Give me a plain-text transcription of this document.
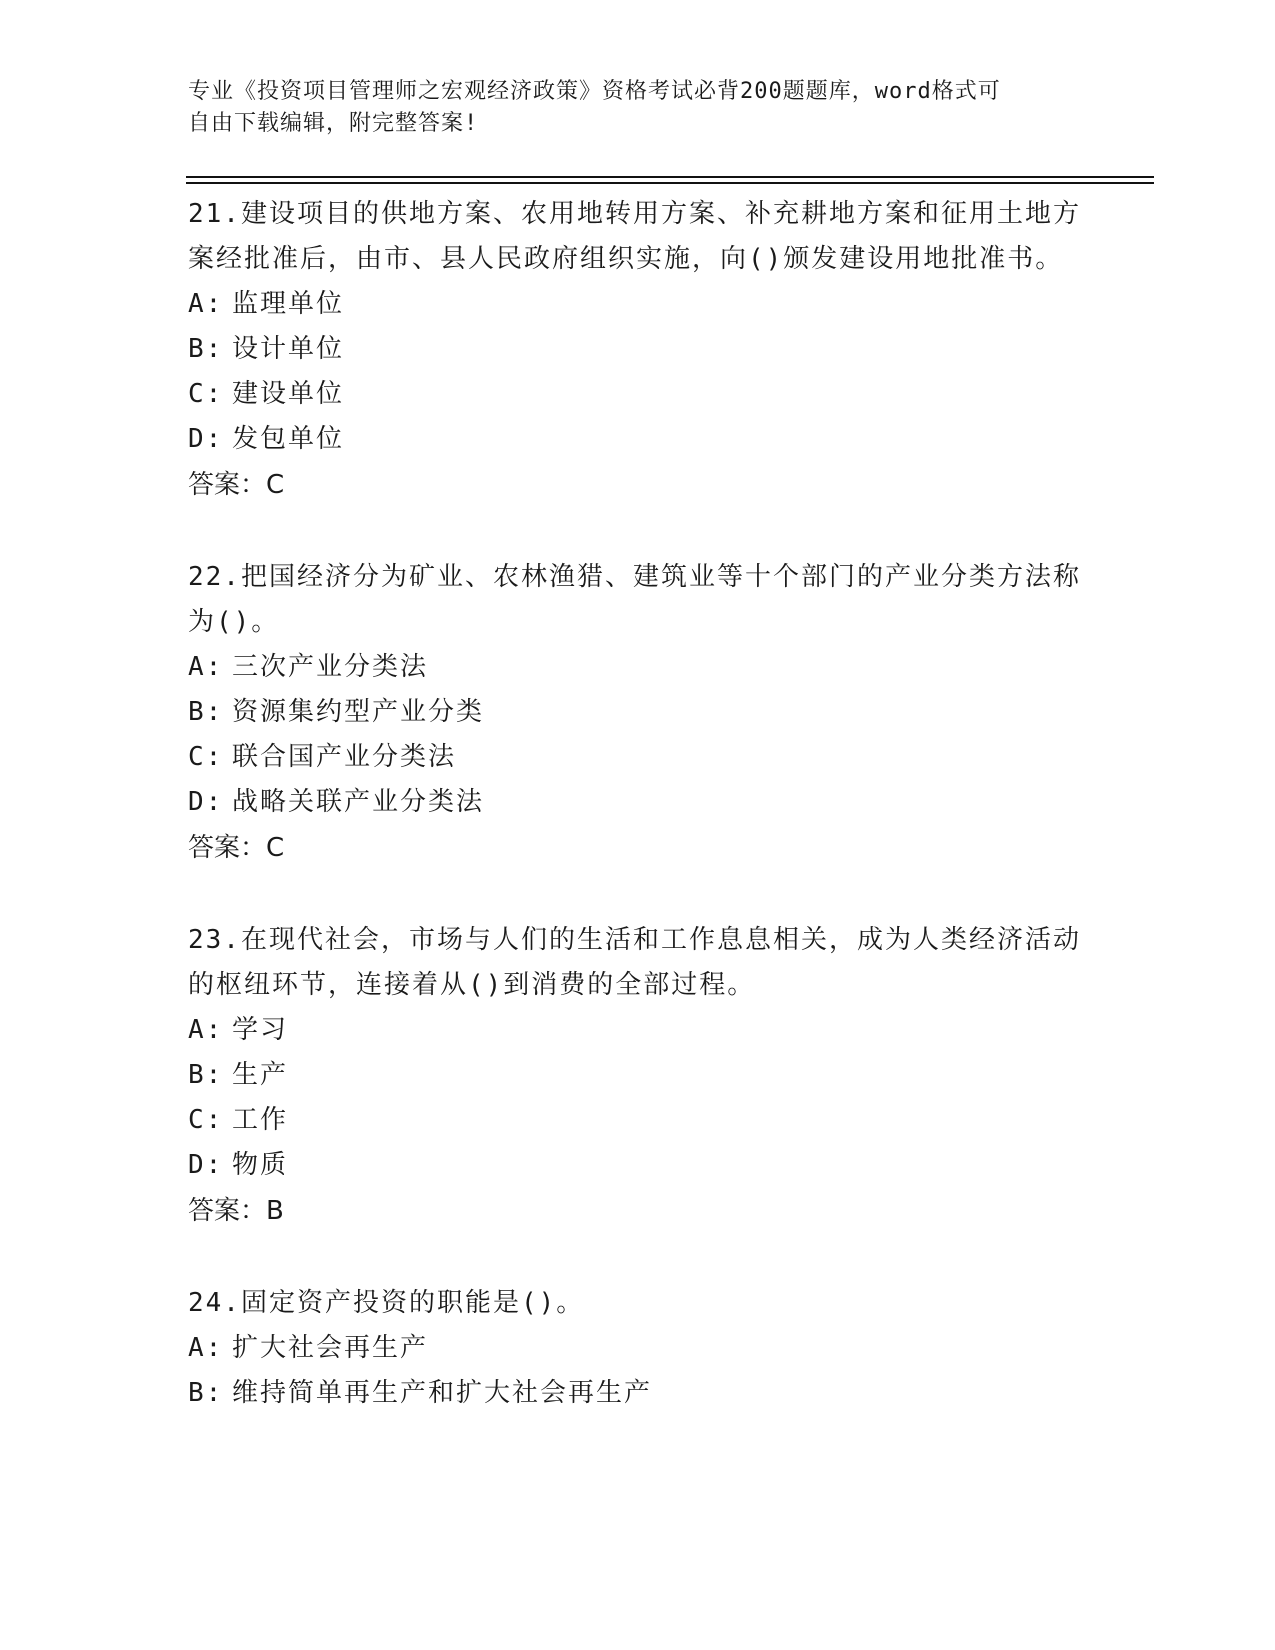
专业《投资项目管理师之宏观经济政策》资格考试必背200题题库，word格式可
自由下载编辑，附完整答案!

21.建设项目的供地方案、农用地转用方案、补充耕地方案和征用土地方案经批准后，由市、县人民政府组织实施，向()颁发建设用地批准书。

A: 监理单位
B: 设计单位
C: 建设单位
D: 发包单位

答案：C

22.把国经济分为矿业、农林渔猎、建筑业等十个部门的产业分类方法称为()。

A: 三次产业分类法
B: 资源集约型产业分类
C: 联合国产业分类法
D: 战略关联产业分类法

答案：C

23.在现代社会，市场与人们的生活和工作息息相关，成为人类经济活动的枢纽环节，连接着从()到消费的全部过程。

A: 学习
B: 生产
C: 工作
D: 物质

答案：B

24.固定资产投资的职能是()。

A: 扩大社会再生产
B: 维持简单再生产和扩大社会再生产
